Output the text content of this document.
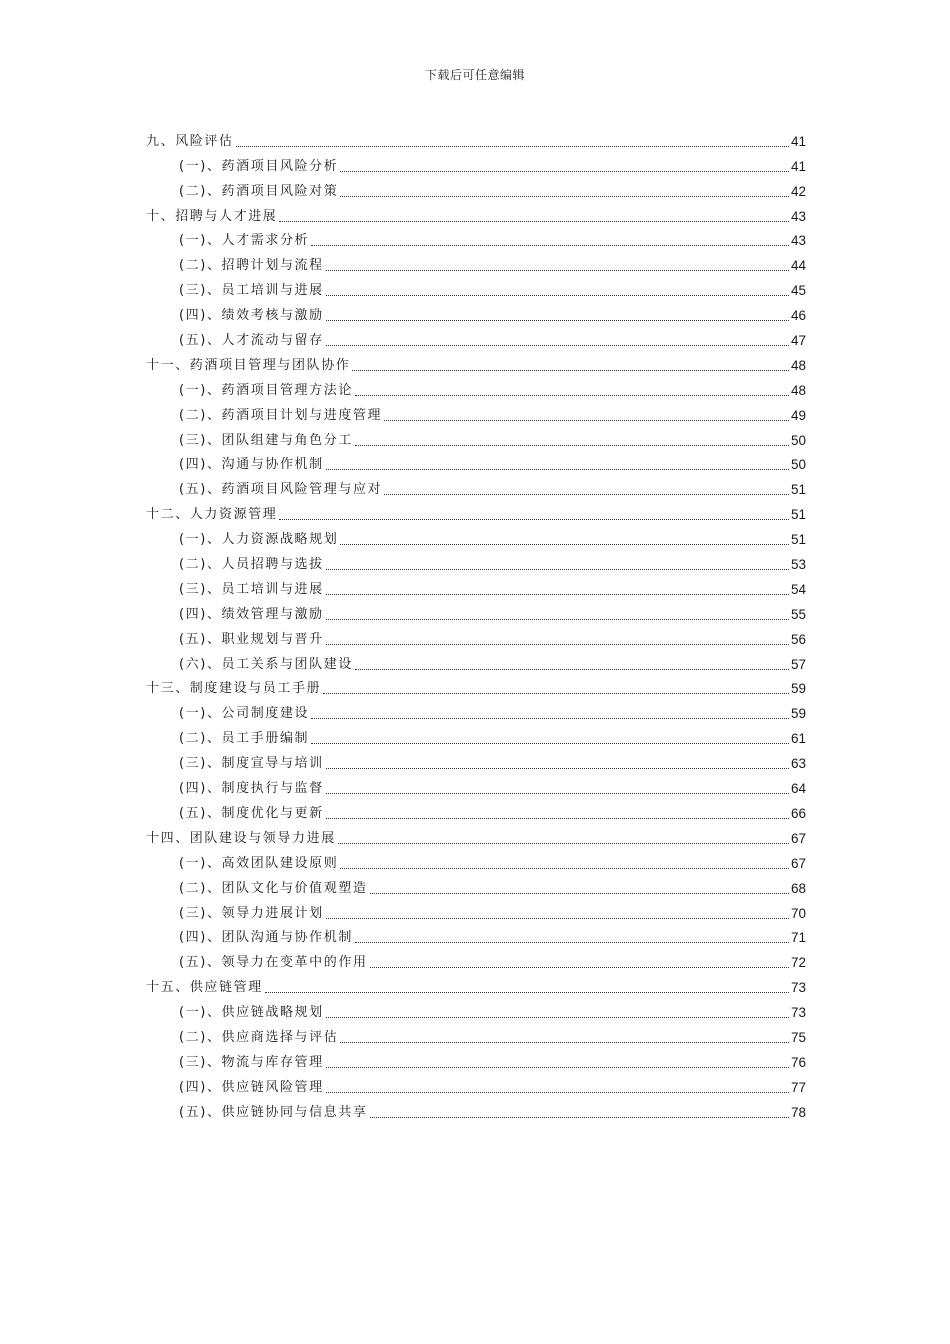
下载后可任意编辑
九、风险评估	41
(一)、药酒项目风险分析	41
(二)、药酒项目风险对策	42
十、招聘与人才进展	43
(一)、人才需求分析	43
(二)、招聘计划与流程	44
(三)、员工培训与进展	45
(四)、绩效考核与激励	46
(五)、人才流动与留存	47
十一、药酒项目管理与团队协作	48
(一)、药酒项目管理方法论	48
(二)、药酒项目计划与进度管理	49
(三)、团队组建与角色分工	50
(四)、沟通与协作机制	50
(五)、药酒项目风险管理与应对	51
十二、人力资源管理	51
(一)、人力资源战略规划	51
(二)、人员招聘与选拔	53
(三)、员工培训与进展	54
(四)、绩效管理与激励	55
(五)、职业规划与晋升	56
(六)、员工关系与团队建设	57
十三、制度建设与员工手册	59
(一)、公司制度建设	59
(二)、员工手册编制	61
(三)、制度宣导与培训	63
(四)、制度执行与监督	64
(五)、制度优化与更新	66
十四、团队建设与领导力进展	67
(一)、高效团队建设原则	67
(二)、团队文化与价值观塑造	68
(三)、领导力进展计划	70
(四)、团队沟通与协作机制	71
(五)、领导力在变革中的作用	72
十五、供应链管理	73
(一)、供应链战略规划	73
(二)、供应商选择与评估	75
(三)、物流与库存管理	76
(四)、供应链风险管理	77
(五)、供应链协同与信息共享	78
